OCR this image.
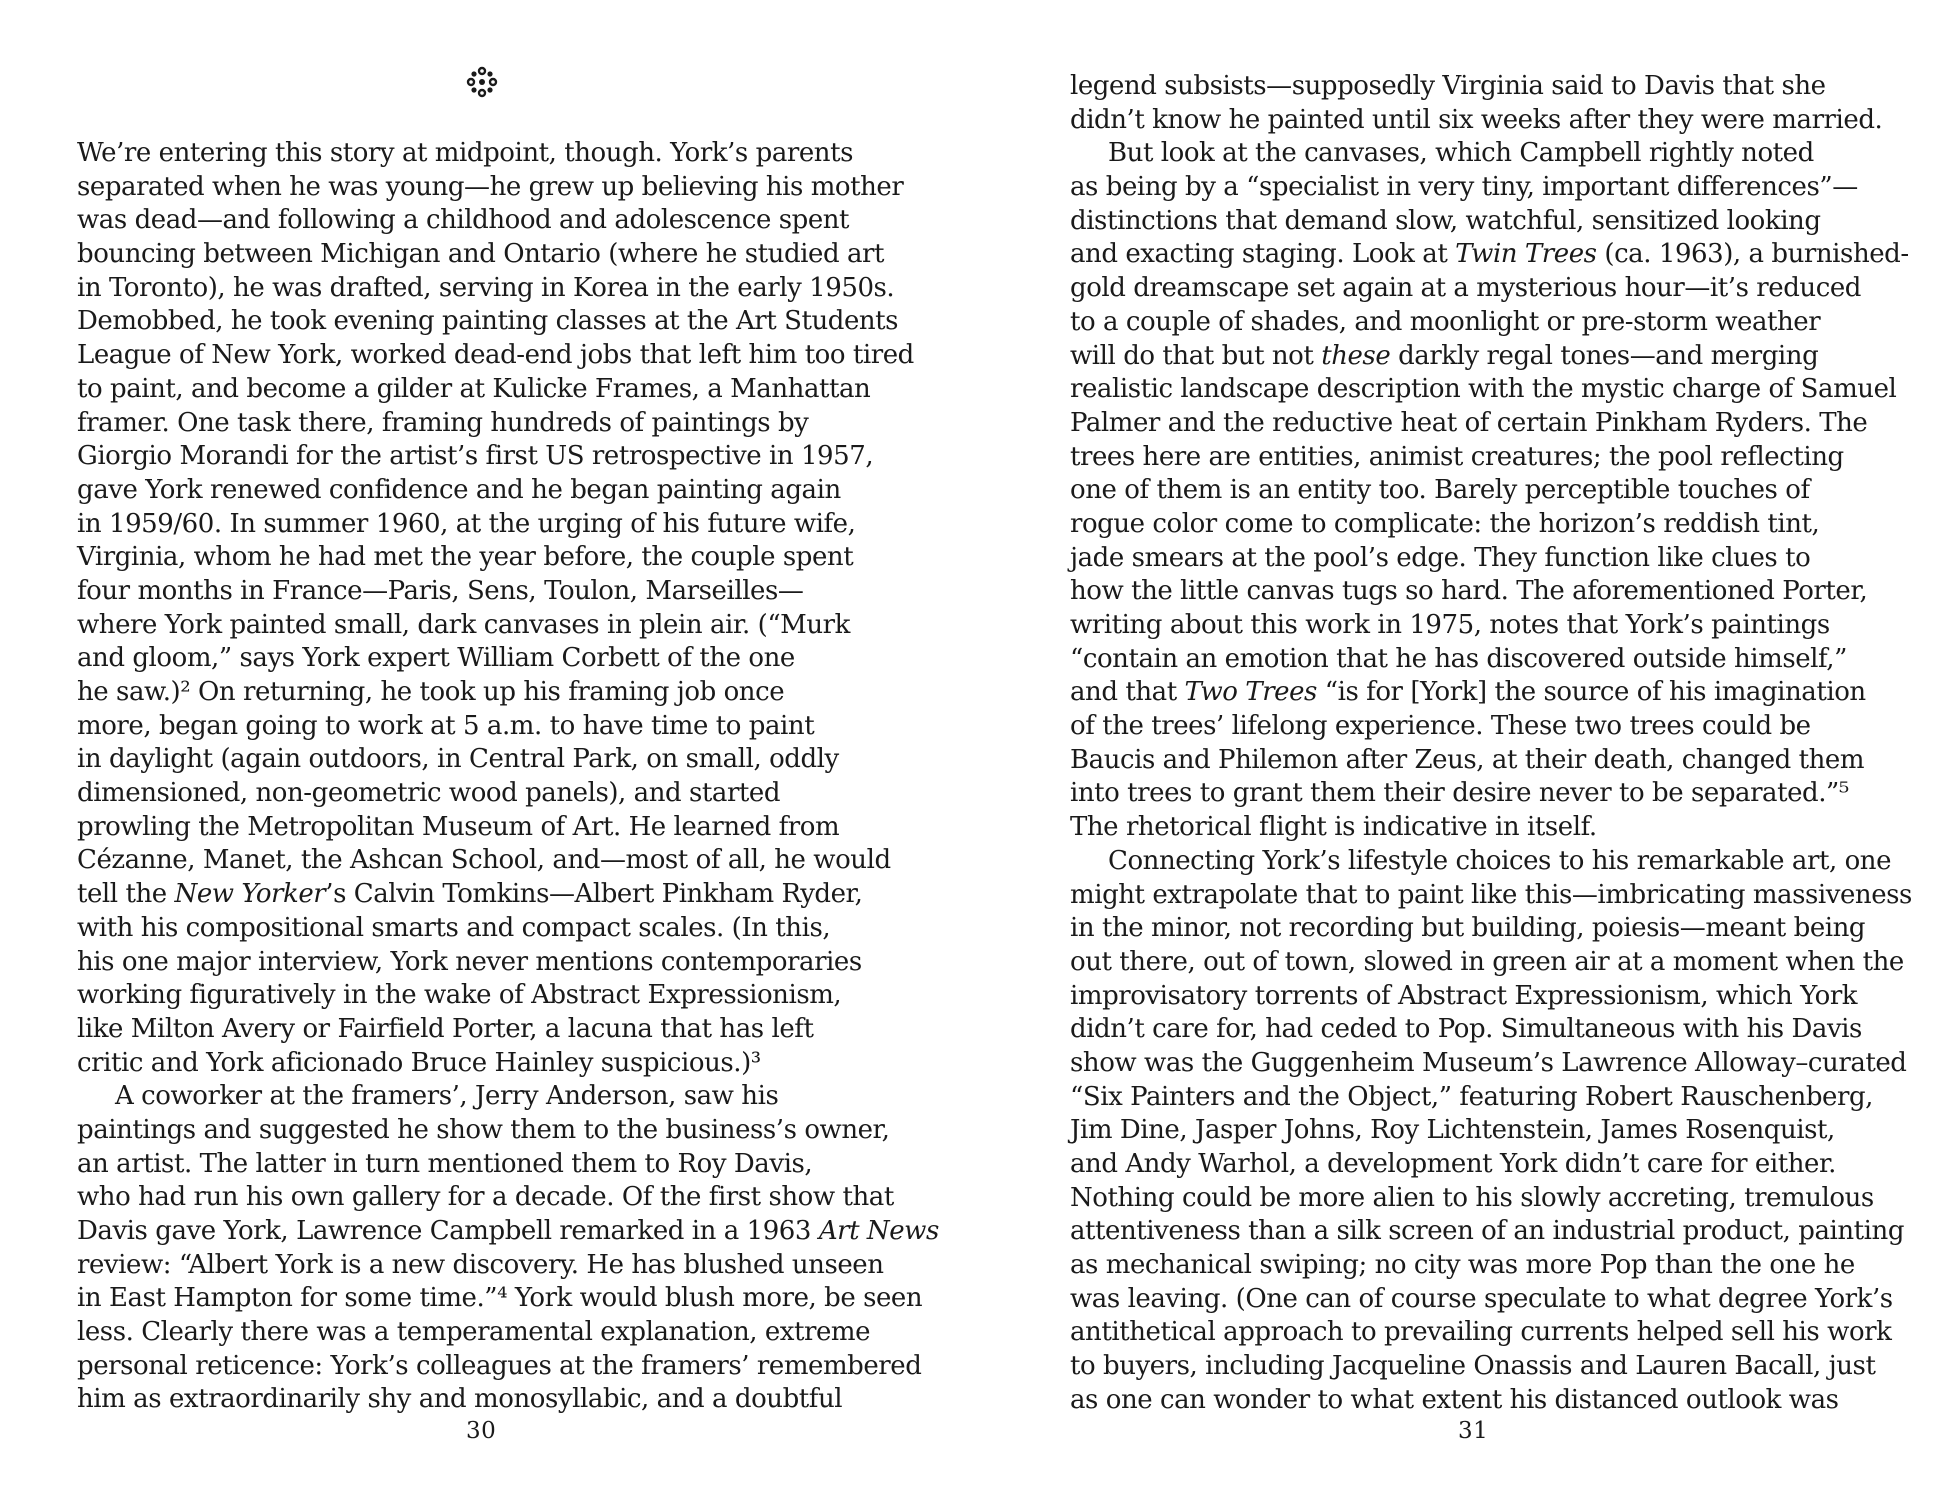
We’re entering this story at midpoint, though. York’s parents
separated when he was young—he grew up believing his mother
was dead—and following a childhood and adolescence spent
bouncing between Michigan and Ontario (where he studied art
in Toronto), he was drafted, serving in Korea in the early 1950s.
Demobbed, he took evening painting classes at the Art Students
League of New York, worked dead-end jobs that left him too tired
to paint, and become a gilder at Kulicke Frames, a Manhattan
framer. One task there, framing hundreds of paintings by
Giorgio Morandi for the artist’s first US retrospective in 1957,
gave York renewed confidence and he began painting again
in 1959/60. In summer 1960, at the urging of his future wife,
Virginia, whom he had met the year before, the couple spent
four months in France—Paris, Sens, Toulon, Marseilles—
where York painted small, dark canvases in plein air. (“Murk
and gloom,” says York expert William Corbett of the one
he saw.)² On returning, he took up his framing job once
more, began going to work at 5 a.m. to have time to paint
in daylight (again outdoors, in Central Park, on small, oddly
dimensioned, non-geometric wood panels), and started
prowling the Metropolitan Museum of Art. He learned from
Cézanne, Manet, the Ashcan School, and—most of all, he would
tell the New Yorker’s Calvin Tomkins—Albert Pinkham Ryder,
with his compositional smarts and compact scales. (In this,
his one major interview, York never mentions contemporaries
working figuratively in the wake of Abstract Expressionism,
like Milton Avery or Fairfield Porter, a lacuna that has left
critic and York aficionado Bruce Hainley suspicious.)³
A coworker at the framers’, Jerry Anderson, saw his
paintings and suggested he show them to the business’s owner,
an artist. The latter in turn mentioned them to Roy Davis,
who had run his own gallery for a decade. Of the first show that
Davis gave York, Lawrence Campbell remarked in a 1963 Art News
review: “Albert York is a new discovery. He has blushed unseen
in East Hampton for some time.”⁴ York would blush more, be seen
less. Clearly there was a temperamental explanation, extreme
personal reticence: York’s colleagues at the framers’ remembered
him as extraordinarily shy and monosyllabic, and a doubtful
30
legend subsists—supposedly Virginia said to Davis that she
didn’t know he painted until six weeks after they were married.
But look at the canvases, which Campbell rightly noted
as being by a “specialist in very tiny, important differences”—
distinctions that demand slow, watchful, sensitized looking
and exacting staging. Look at Twin Trees (ca. 1963), a burnished-
gold dreamscape set again at a mysterious hour—it’s reduced
to a couple of shades, and moonlight or pre-storm weather
will do that but not these darkly regal tones—and merging
realistic landscape description with the mystic charge of Samuel
Palmer and the reductive heat of certain Pinkham Ryders. The
trees here are entities, animist creatures; the pool reflecting
one of them is an entity too. Barely perceptible touches of
rogue color come to complicate: the horizon’s reddish tint,
jade smears at the pool’s edge. They function like clues to
how the little canvas tugs so hard. The aforementioned Porter,
writing about this work in 1975, notes that York’s paintings
“contain an emotion that he has discovered outside himself,”
and that Two Trees “is for [York] the source of his imagination
of the trees’ lifelong experience. These two trees could be
Baucis and Philemon after Zeus, at their death, changed them
into trees to grant them their desire never to be separated.”⁵
The rhetorical flight is indicative in itself.
Connecting York’s lifestyle choices to his remarkable art, one
might extrapolate that to paint like this—imbricating massiveness
in the minor, not recording but building, poiesis—meant being
out there, out of town, slowed in green air at a moment when the
improvisatory torrents of Abstract Expressionism, which York
didn’t care for, had ceded to Pop. Simultaneous with his Davis
show was the Guggenheim Museum’s Lawrence Alloway–curated
“Six Painters and the Object,” featuring Robert Rauschenberg,
Jim Dine, Jasper Johns, Roy Lichtenstein, James Rosenquist,
and Andy Warhol, a development York didn’t care for either.
Nothing could be more alien to his slowly accreting, tremulous
attentiveness than a silk screen of an industrial product, painting
as mechanical swiping; no city was more Pop than the one he
was leaving. (One can of course speculate to what degree York’s
antithetical approach to prevailing currents helped sell his work
to buyers, including Jacqueline Onassis and Lauren Bacall, just
as one can wonder to what extent his distanced outlook was
31
